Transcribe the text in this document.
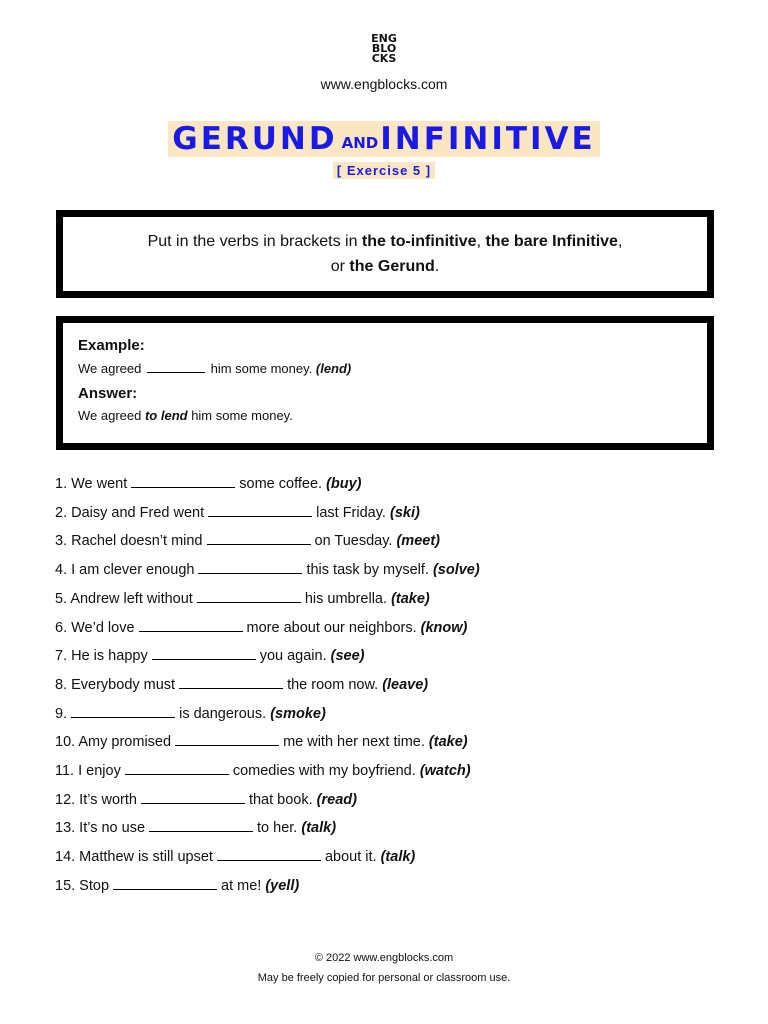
ENG
BLO
CKS
www.engblocks.com
GERUND AND INFINITIVE
[ Exercise 5 ]
Put in the verbs in brackets in the to-infinitive, the bare Infinitive,
or the Gerund.

Example:

We agreed	him some money. (lend)

Answer:

We agreed to lend him some money.

1. We went	some coffee. (buy)
2. Daisy and Fred went	last Friday. (ski)
3. Rachel doesn’t mind	on Tuesday. (meet)
4. I am clever enough	this task by myself. (solve)
5. Andrew left without	his umbrella. (take)
6. We’d love	more about our neighbors. (know)
7. He is happy	you again. (see)
8. Everybody must	the room now. (leave)
9.	is dangerous. (smoke)
10. Amy promised	me with her next time. (take)
11. I enjoy	comedies with my boyfriend. (watch)
12. It’s worth	that book. (read)
13. It’s no use	to her. (talk)
14. Matthew is still upset	about it. (talk)
15. Stop	at me! (yell)
© 2022 www.engblocks.com
May be freely copied for personal or classroom use.
